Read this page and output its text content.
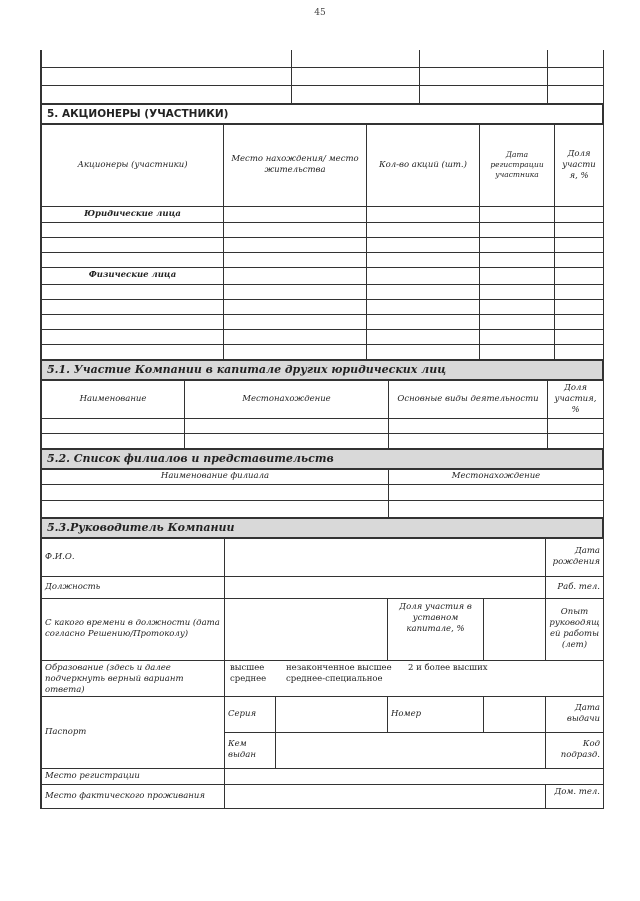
45

5. АКЦИОНЕРЫ (УЧАСТНИКИ)
Акционеры (участники)	Место нахождения/ место жительства	Кол-во акций (шт.)	Дата регистрации участника	Доля участи я, %
Юридические лица				

Физические лица				

5.1. Участие Компании в капитале других юридических лиц
Наименование	Местонахождение	Основные виды деятельности	Доля участия, %

5.2. Список филиалов и представительств
Наименование филиала	Местонахождение

5.3.Руководитель Компании
Ф.И.О.					Дата рождения
Должность					Раб. тел.
С какого времени в должности (дата согласно Решению/Протоколу)			Доля участия в уставном капитале, %		Опыт руководящ ей работы (лет)
Образование (здесь и далее подчеркнуть верный вариант ответа)	высшее незаконченное высшее 2 и более высших
среднее среднее-специальное				

Паспорт	Серия		Номер		Дата выдачи
	Кем выдан				Код подразд.
Место регистрации					
Место фактического проживания					Дом. тел.
